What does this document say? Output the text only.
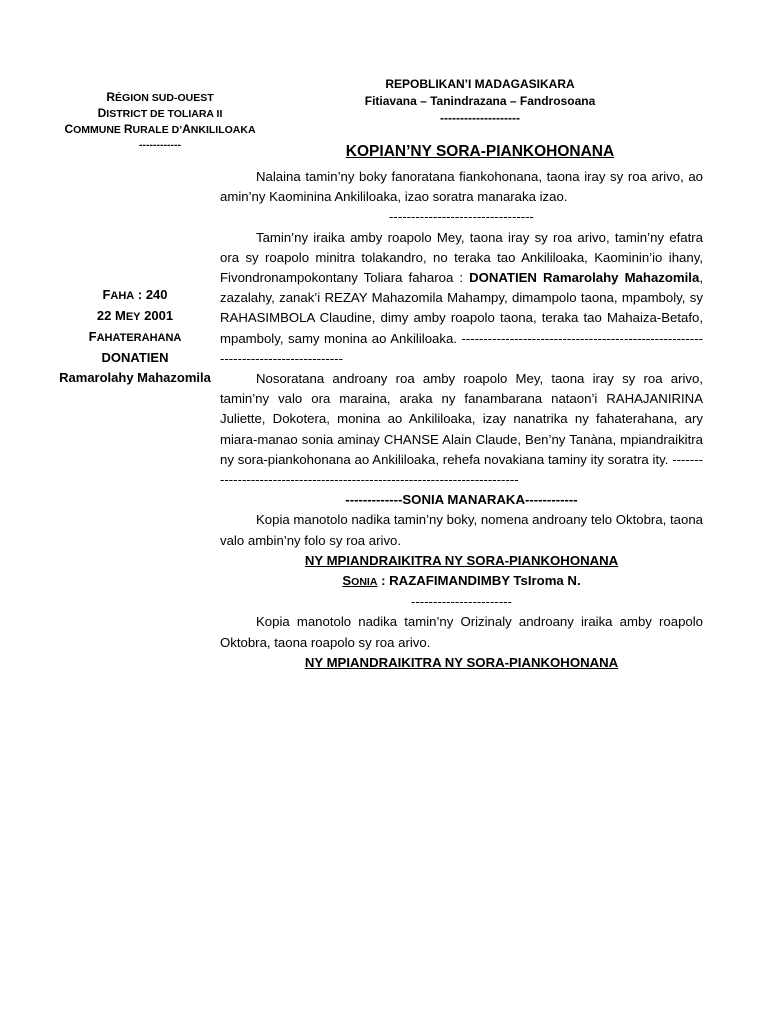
RÉGION SUD-OUEST
DISTRICT DE TOLIARA II
COMMUNE RURALE D’ANKILILOAKA
------------
REPOBLIKAN’I MADAGASIKARA
Fitiavana – Tanindrazana – Fandrosoana
--------------------
KOPIAN’NY SORA-PIANKOHONANA
FAHA : 240
22 MEY 2001
FAHATERAHANA
DONATIEN
Ramarolahy Mahazomila

Nalaina tamin’ny boky fanoratana fiankohonana, taona iray sy roa arivo, ao amin’ny Kaominina Ankililoaka, izao soratra manaraka izao.

---------------------------------

Tamin’ny iraika amby roapolo Mey, taona iray sy roa arivo, tamin’ny efatra ora sy roapolo minitra tolakandro, no teraka tao Ankililoaka, Kaominin’io ihany, Fivondronampokontany Toliara faharoa : DONATIEN Ramarolahy Mahazomila, zazalahy, zanak’i REZAY Mahazomila Mahampy, dimampolo taona, mpamboly, sy RAHASIMBOLA Claudine, dimy amby roapolo taona, teraka tao Mahaiza-Betafo, mpamboly, samy monina ao Ankililoaka. -----------------------------------------------------------------------------------

Nosoratana androany roa amby roapolo Mey, taona iray sy roa arivo, tamin’ny valo ora maraina, araka ny fanambarana nataon’i RAHAJANIRINA Juliette, Dokotera, monina ao Ankililoaka, izay nanatrika ny fahaterahana, ary miara-manao sonia aminay CHANSE Alain Claude, Ben’ny Tanàna, mpiandraikitra ny sora-piankohonana ao Ankililoaka, rehefa novakiana taminy ity soratra ity. ---------------------------------------------------------------------------

-------------SONIA MANARAKA------------

Kopia manotolo nadika tamin’ny boky, nomena androany telo Oktobra, taona valo ambin’ny folo sy roa arivo.

NY MPIANDRAIKITRA NY SORA-PIANKOHONANA

SONIA : RAZAFIMANDIMBY TsIroma N.

-----------------------

Kopia manotolo nadika tamin’ny Orizinaly androany iraika amby roapolo Oktobra, taona roapolo sy roa arivo.

NY MPIANDRAIKITRA NY SORA-PIANKOHONANA
